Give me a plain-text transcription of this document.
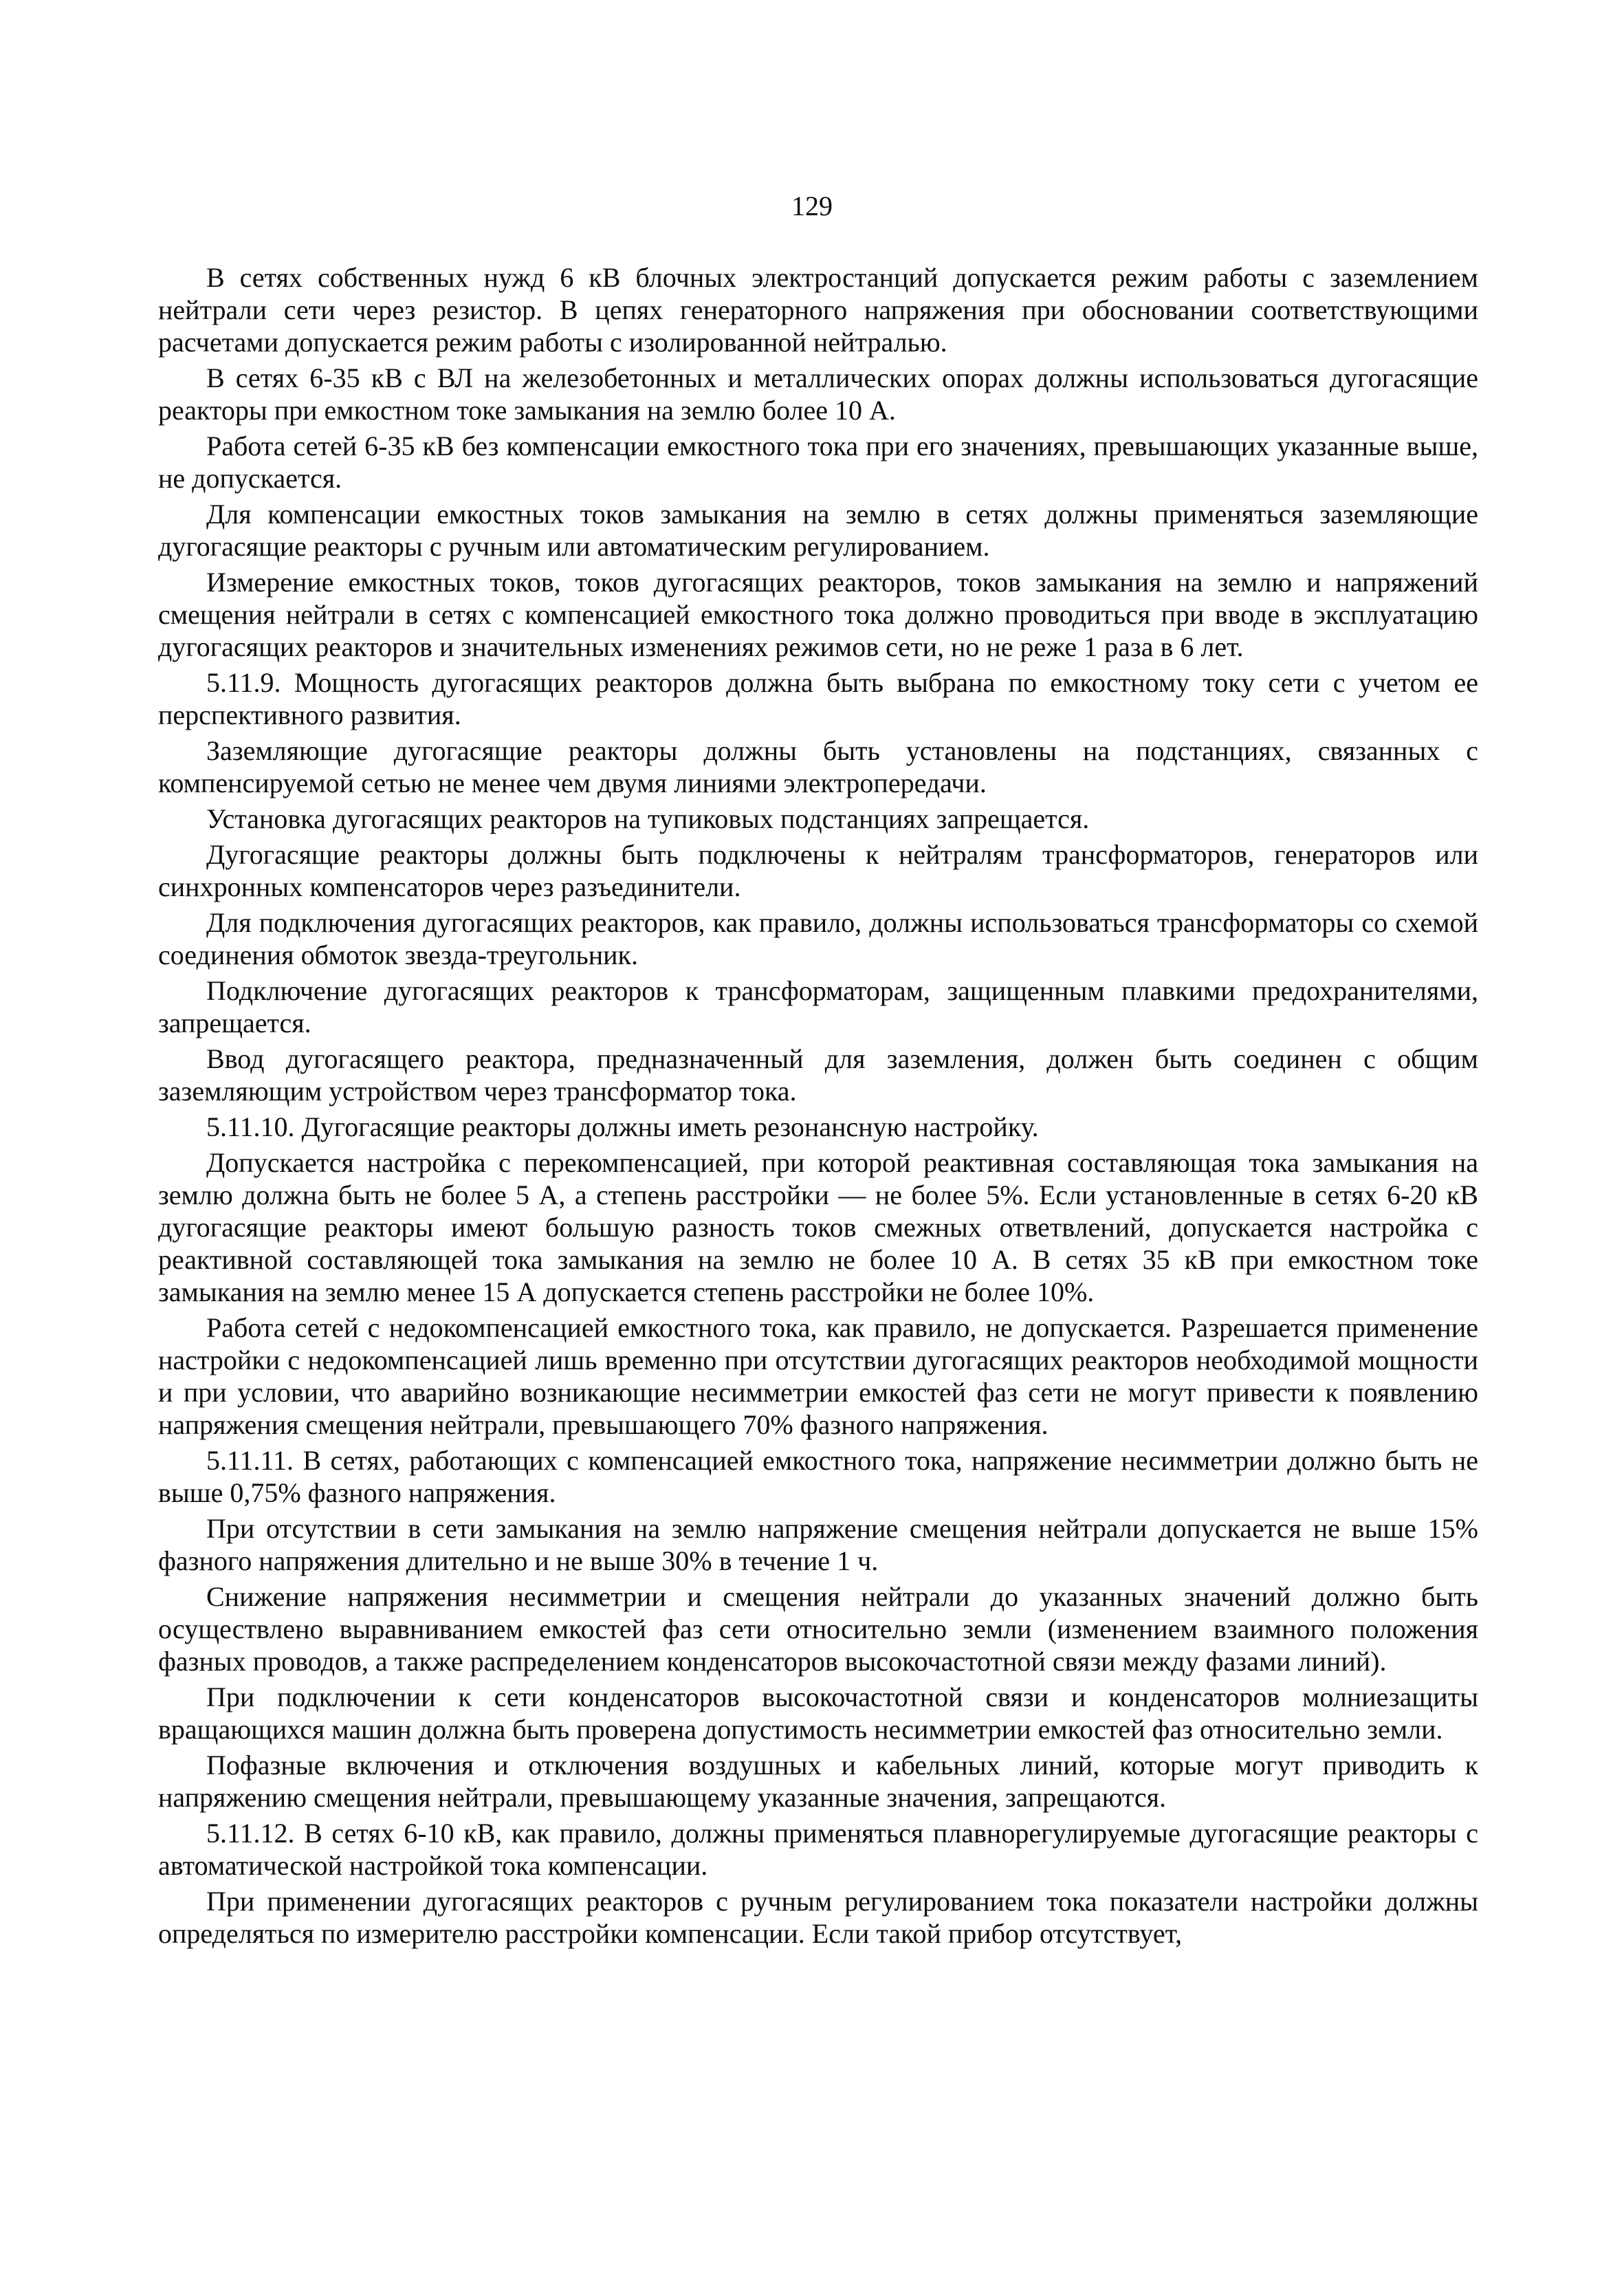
129

В сетях собственных нужд 6 кВ блочных электростанций допускается режим работы с заземлением нейтрали сети через резистор. В цепях генераторного напряжения при обосновании соответствующими расчетами допускается режим работы с изолированной нейтралью.

В сетях 6-35 кВ с ВЛ на железобетонных и металлических опорах должны использоваться дугогасящие реакторы при емкостном токе замыкания на землю более 10 А.

Работа сетей 6-35 кВ без компенсации емкостного тока при его значениях, превышающих указанные выше, не допускается.

Для компенсации емкостных токов замыкания на землю в сетях должны применяться заземляющие дугогасящие реакторы с ручным или автоматическим регулированием.

Измерение емкостных токов, токов дугогасящих реакторов, токов замыкания на землю и напряжений смещения нейтрали в сетях с компенсацией емкостного тока должно проводиться при вводе в эксплуатацию дугогасящих реакторов и значительных изменениях режимов сети, но не реже 1 раза в 6 лет.

5.11.9. Мощность дугогасящих реакторов должна быть выбрана по емкостному току сети с учетом ее перспективного развития.

Заземляющие дугогасящие реакторы должны быть установлены на подстанциях, связанных с компенсируемой сетью не менее чем двумя линиями электропередачи.

Установка дугогасящих реакторов на тупиковых подстанциях запрещается.

Дугогасящие реакторы должны быть подключены к нейтралям трансформаторов, генераторов или синхронных компенсаторов через разъединители.

Для подключения дугогасящих реакторов, как правило, должны использоваться трансформаторы со схемой соединения обмоток звезда-треугольник.

Подключение дугогасящих реакторов к трансформаторам, защищенным плавкими предохранителями, запрещается.

Ввод дугогасящего реактора, предназначенный для заземления, должен быть соединен с общим заземляющим устройством через трансформатор тока.

5.11.10. Дугогасящие реакторы должны иметь резонансную настройку.

Допускается настройка с перекомпенсацией, при которой реактивная составляющая тока замыкания на землю должна быть не более 5 А, а степень расстройки — не более 5%. Если установленные в сетях 6-20 кВ дугогасящие реакторы имеют большую разность токов смежных ответвлений, допускается настройка с реактивной составляющей тока замыкания на землю не более 10 А. В сетях 35 кВ при емкостном токе замыкания на землю менее 15 А допускается степень расстройки не более 10%.

Работа сетей с недокомпенсацией емкостного тока, как правило, не допускается. Разрешается применение настройки с недокомпенсацией лишь временно при отсутствии дугогасящих реакторов необходимой мощности и при условии, что аварийно возникающие несимметрии емкостей фаз сети не могут привести к появлению напряжения смещения нейтрали, превышающего 70% фазного напряжения.

5.11.11. В сетях, работающих с компенсацией емкостного тока, напряжение несимметрии должно быть не выше 0,75% фазного напряжения.

При отсутствии в сети замыкания на землю напряжение смещения нейтрали допускается не выше 15% фазного напряжения длительно и не выше 30% в течение 1 ч.

Снижение напряжения несимметрии и смещения нейтрали до указанных значений должно быть осуществлено выравниванием емкостей фаз сети относительно земли (изменением взаимного положения фазных проводов, а также распределением конденсаторов высокочастотной связи между фазами линий).

При подключении к сети конденсаторов высокочастотной связи и конденсаторов молниезащиты вращающихся машин должна быть проверена допустимость несимметрии емкостей фаз относительно земли.

Пофазные включения и отключения воздушных и кабельных линий, которые могут приводить к напряжению смещения нейтрали, превышающему указанные значения, запрещаются.

5.11.12. В сетях 6-10 кВ, как правило, должны применяться плавнорегулируемые дугогасящие реакторы с автоматической настройкой тока компенсации.

При применении дугогасящих реакторов с ручным регулированием тока показатели настройки должны определяться по измерителю расстройки компенсации. Если такой прибор отсутствует,
